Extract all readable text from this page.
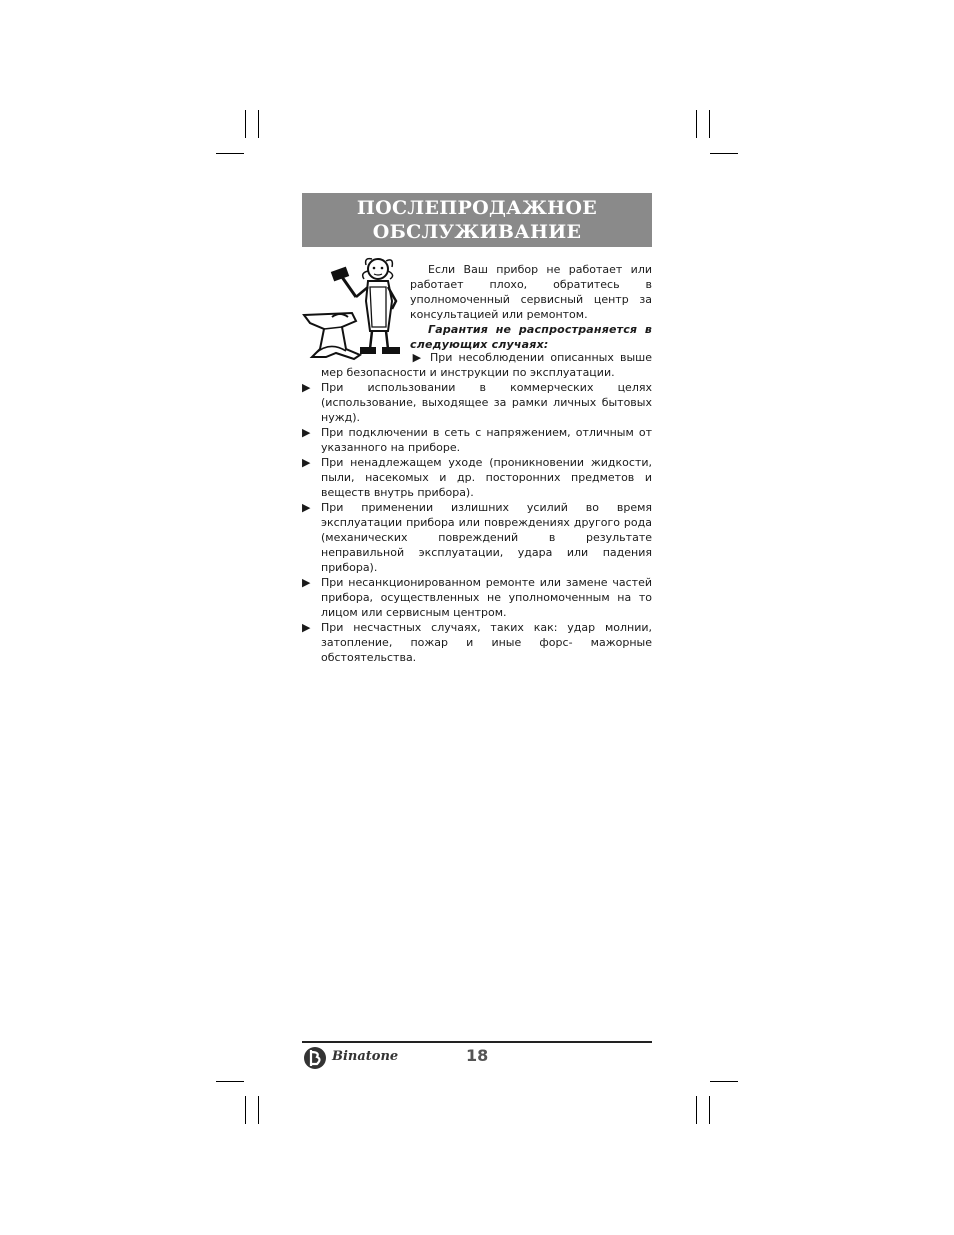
ПОСЛЕПРОДАЖНОЕ
ОБСЛУЖИВАНИЕ

Если Ваш прибор не работает или работает плохо, обратитесь в уполномоченный сервисный центр за консультацией или ремонтом.

Гарантия не распространяется в следующих случаях:

▶ При несоблюдении описанных выше мер безопасности и инструкции по эксплуатации.
▶ При использовании в коммерческих целях (использование, выходящее за рамки личных бытовых нужд).
▶ При подключении в сеть с напряжением, отличным от указанного на приборе.
▶ При ненадлежащем уходе (проникновении жидкости, пыли, насекомых и др. посторонних предметов и веществ внутрь прибора).
▶ При применении излишних усилий во время эксплуатации прибора или повреждениях другого рода (механических повреждений в результате неправильной эксплуатации, удара или падения прибора).
▶ При несанкционированном ремонте или замене частей прибора, осуществленных не уполномоченным на то лицом или сервисным центром.
▶ При несчастных случаях, таких как: удар молнии, затопление, пожар и иные форс- мажорные обстоятельства.
Binatone	18
